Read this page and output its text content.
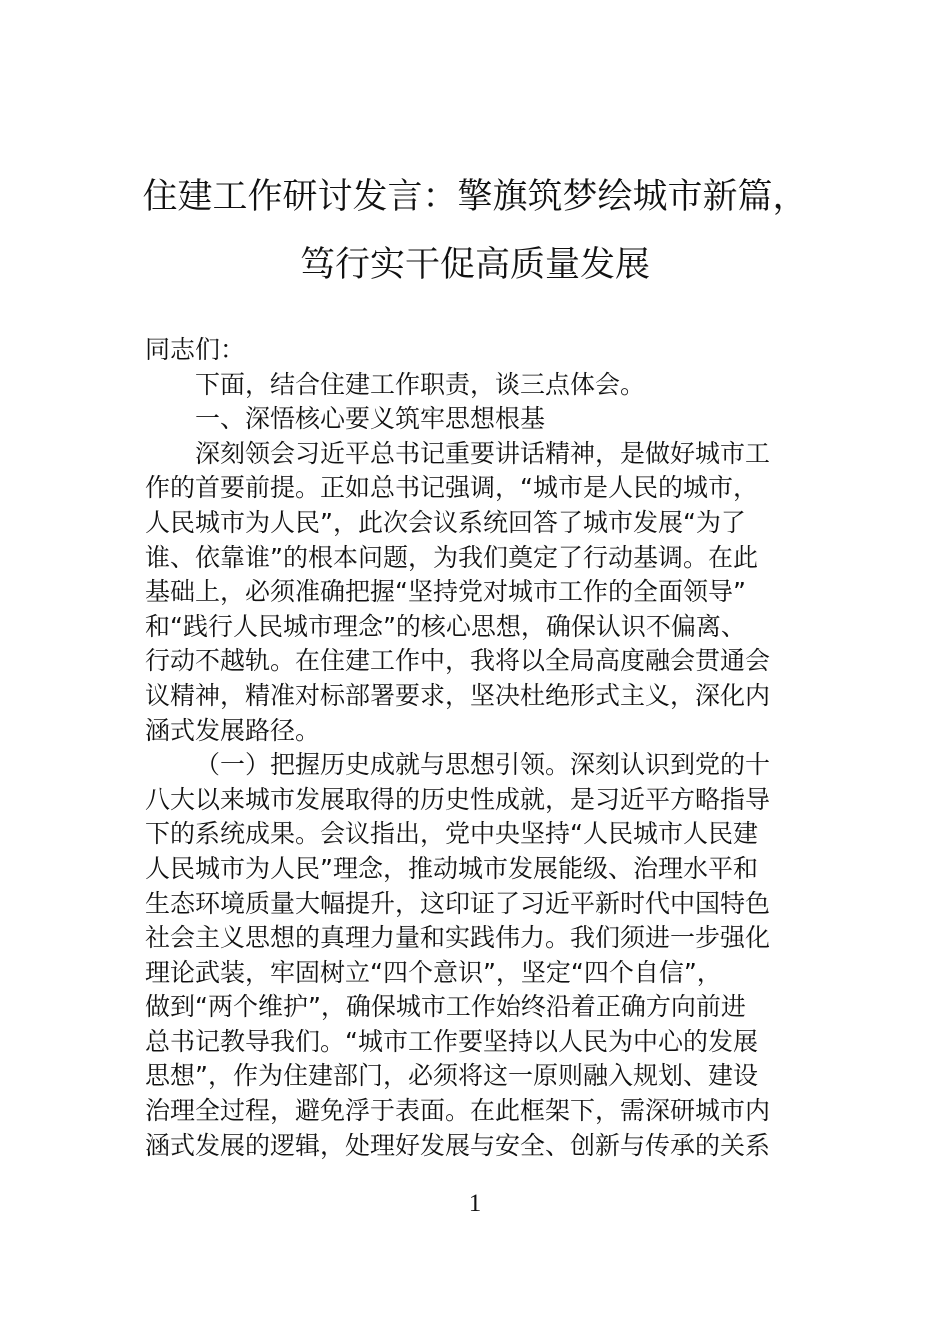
住建工作研讨发言：擎旗筑梦绘城市新篇，
笃行实干促高质量发展
同志们：
下面，结合住建工作职责，谈三点体会。
一、深悟核心要义筑牢思想根基
深刻领会习近平总书记重要讲话精神，是做好城市工
作的首要前提。正如总书记强调，“城市是人民的城市，
人民城市为人民”，此次会议系统回答了城市发展“为了
谁、依靠谁”的根本问题，为我们奠定了行动基调。在此
基础上，必须准确把握“坚持党对城市工作的全面领导”
和“践行人民城市理念”的核心思想，确保认识不偏离、
行动不越轨。在住建工作中，我将以全局高度融会贯通会
议精神，精准对标部署要求，坚决杜绝形式主义，深化内
涵式发展路径。
（一）把握历史成就与思想引领。深刻认识到党的十
八大以来城市发展取得的历史性成就，是习近平方略指导
下的系统成果。会议指出，党中央坚持“人民城市人民建
人民城市为人民”理念，推动城市发展能级、治理水平和
生态环境质量大幅提升，这印证了习近平新时代中国特色
社会主义思想的真理力量和实践伟力。我们须进一步强化
理论武装，牢固树立“四个意识”，坚定“四个自信”，
做到“两个维护”，确保城市工作始终沿着正确方向前进
总书记教导我们。“城市工作要坚持以人民为中心的发展
思想”，作为住建部门，必须将这一原则融入规划、建设
治理全过程，避免浮于表面。在此框架下，需深研城市内
涵式发展的逻辑，处理好发展与安全、创新与传承的关系
1
